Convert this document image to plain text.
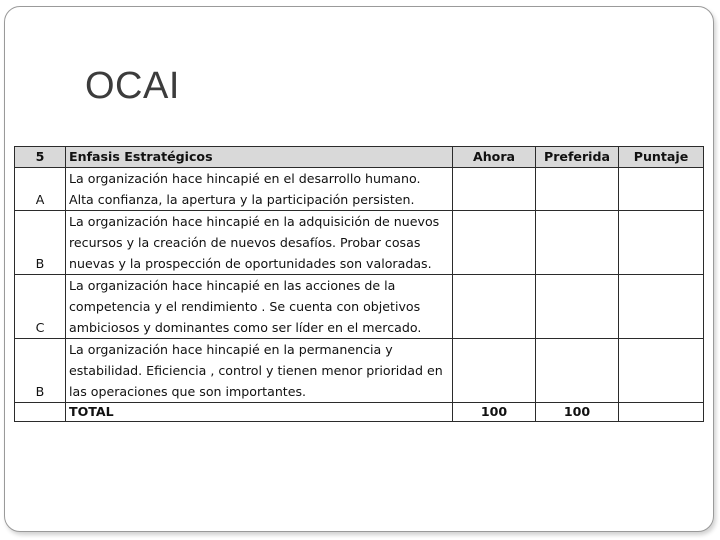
OCAI
5	Enfasis Estratégicos	Ahora	Preferida	Puntaje
A	La organización hace hincapié en el desarrollo humano.
Alta confianza, la apertura y la participación persisten.			

B	La organización hace hincapié en la adquisición de nuevos
recursos y la creación de nuevos desafíos. Probar cosas
nuevas y la prospección de oportunidades son valoradas.			

C	La organización hace hincapié en las acciones de la
competencia y el rendimiento . Se cuenta con objetivos
ambiciosos y dominantes como ser líder en el mercado.			

B	La organización hace hincapié en la permanencia y
estabilidad. Eficiencia , control y tienen menor prioridad en
las operaciones que son importantes.			

	TOTAL	100	100	
